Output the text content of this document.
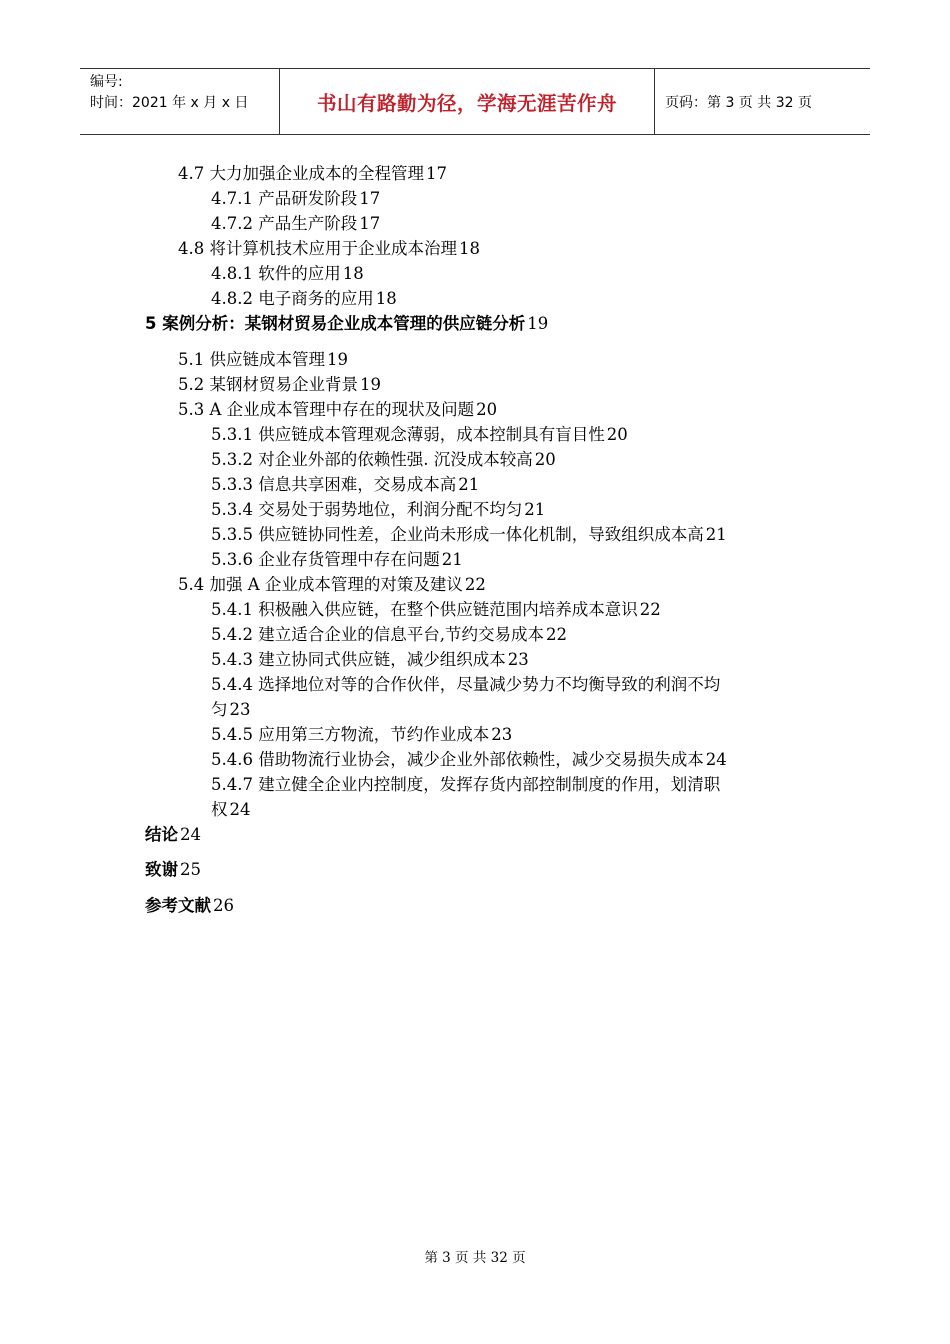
编号:
时间：2021 年 x 月 x 日	书山有路勤为径，学海无涯苦作舟	页码：第 3 页 共 32 页
4.7 大力加强企业成本的全程管理 17
4.7.1 产品研发阶段 17
4.7.2 产品生产阶段 17
4.8 将计算机技术应用于企业成本治理 18
4.8.1 软件的应用 18
4.8.2 电子商务的应用 18
5 案例分析：某钢材贸易企业成本管理的供应链分析 19
5.1 供应链成本管理 19
5.2 某钢材贸易企业背景 19
5.3 A 企业成本管理中存在的现状及问题 20
5.3.1 供应链成本管理观念薄弱，成本控制具有盲目性 20
5.3.2 对企业外部的依赖性强. 沉没成本较高 20
5.3.3 信息共享困难，交易成本高 21
5.3.4 交易处于弱势地位，利润分配不均匀 21
5.3.5 供应链协同性差，企业尚未形成一体化机制，导致组织成本高 21
5.3.6 企业存货管理中存在问题 21
5.4 加强 A 企业成本管理的对策及建议 22
5.4.1 积极融入供应链，在整个供应链范围内培养成本意识 22
5.4.2 建立适合企业的信息平台,节约交易成本 22
5.4.3 建立协同式供应链，减少组织成本 23
5.4.4 选择地位对等的合作伙伴，尽量减少势力不均衡导致的利润不均
匀 23
5.4.5 应用第三方物流，节约作业成本 23
5.4.6 借助物流行业协会，减少企业外部依赖性，减少交易损失成本 24
5.4.7 建立健全企业内控制度，发挥存货内部控制制度的作用，划清职
权 24
结论 24
致谢 25
参考文献 26
第 3 页 共 32 页
